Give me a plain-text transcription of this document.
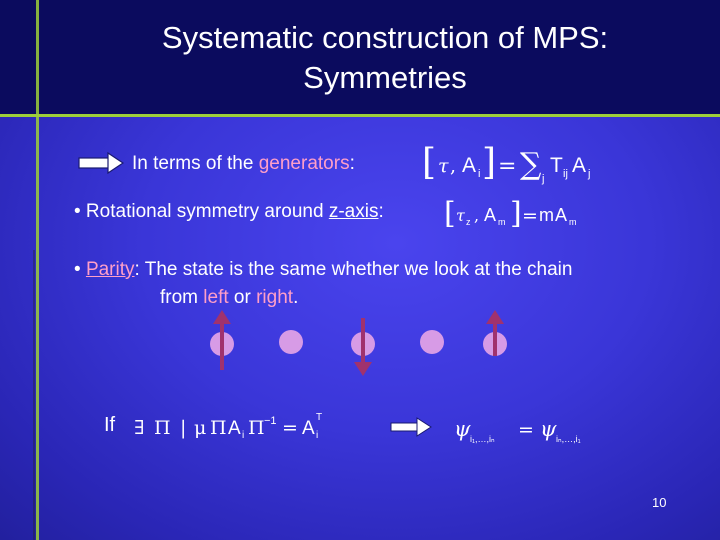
Systematic construction of MPS:
Symmetries
In terms of the generators: [ τ , A i ] = ∑ j
T ij A j
• Rotational symmetry around z-axis: [ τ z , A m ] = m A m
• Parity: The state is the same whether we look at the chain
from left or right.
If ∃ Π | μ Π A i Π −1 = A i
T	ψ i₁,…,iₙ = ψ iₙ,…,i₁
10
